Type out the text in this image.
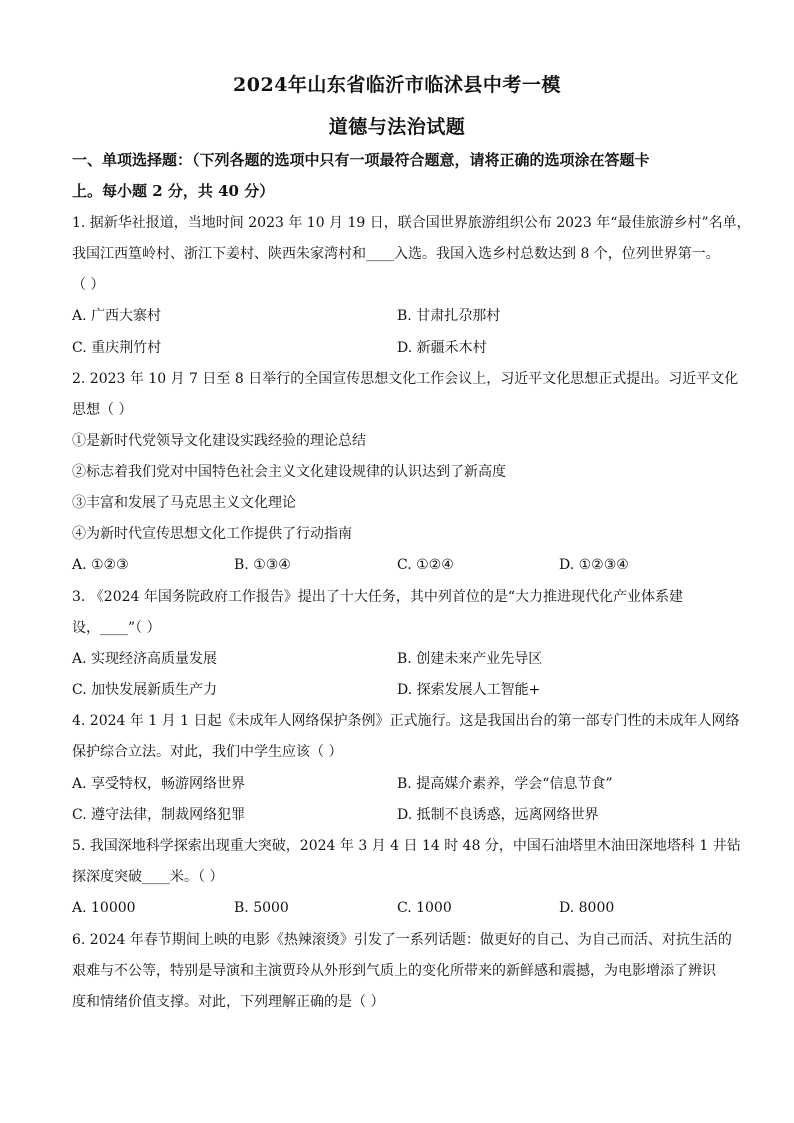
2024年山东省临沂市临沭县中考一模
道德与法治试题
一、单项选择题：（下列各题的选项中只有一项最符合题意，请将正确的选项涂在答题卡
上。每小题 2 分，共 40 分）
1. 据新华社报道，当地时间 2023 年 10 月 19 日，联合国世界旅游组织公布 2023 年“最佳旅游乡村”名单，
我国江西篁岭村、浙江下姜村、陕西朱家湾村和____入选。我国入选乡村总数达到 8 个，位列世界第一。
（ ）
A. 广西大寨村	B. 甘肃扎尕那村
C. 重庆荆竹村	D. 新疆禾木村
2. 2023 年 10 月 7 日至 8 日举行的全国宣传思想文化工作会议上，习近平文化思想正式提出。习近平文化
思想（ ）
①是新时代党领导文化建设实践经验的理论总结
②标志着我们党对中国特色社会主义文化建设规律的认识达到了新高度
③丰富和发展了马克思主义文化理论
④为新时代宣传思想文化工作提供了行动指南
A. ①②③	B. ①③④	C. ①②④	D. ①②③④
3. 《2024 年国务院政府工作报告》提出了十大任务，其中列首位的是“大力推进现代化产业体系建
设，____”（ ）
A. 实现经济高质量发展	B. 创建未来产业先导区
C. 加快发展新质生产力	D. 探索发展人工智能+
4. 2024 年 1 月 1 日起《未成年人网络保护条例》正式施行。这是我国出台的第一部专门性的未成年人网络
保护综合立法。对此，我们中学生应该（ ）
A. 享受特权，畅游网络世界	B. 提高媒介素养，学会“信息节食”
C. 遵守法律，制裁网络犯罪	D. 抵制不良诱惑，远离网络世界
5. 我国深地科学探索出现重大突破，2024 年 3 月 4 日 14 时 48 分，中国石油塔里木油田深地塔科 1 井钻
探深度突破____米。（ ）
A. 10000	B. 5000	C. 1000	D. 8000
6. 2024 年春节期间上映的电影《热辣滚烫》引发了一系列话题：做更好的自己、为自己而活、对抗生活的
艰难与不公等，特别是导演和主演贾玲从外形到气质上的变化所带来的新鲜感和震撼，为电影增添了辨识
度和情绪价值支撑。对此，下列理解正确的是（ ）
